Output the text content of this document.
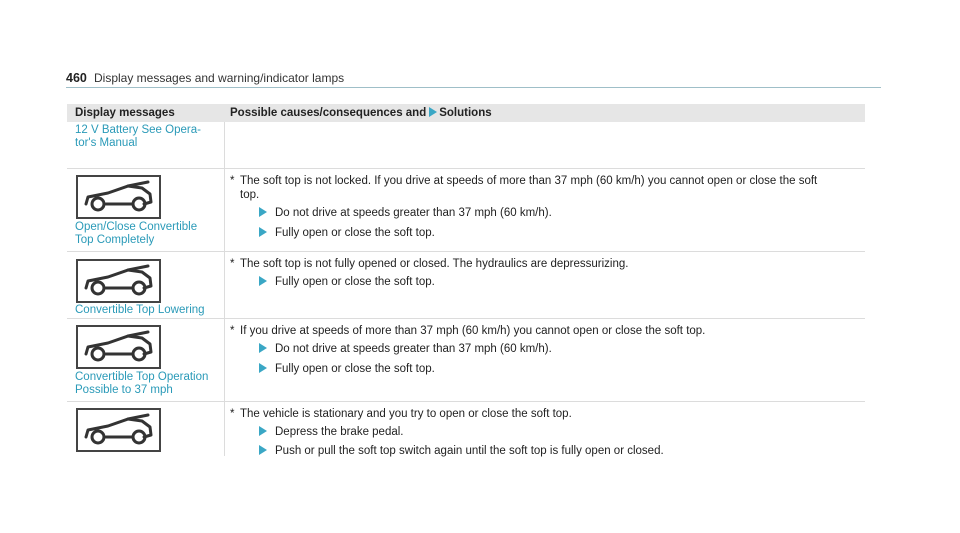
460 Display messages and warning/indicator lamps
Display messages	Possible causes/consequences and Solutions
12 V Battery See Opera-
tor's Manual
Open/Close Convertible
Top Completely
* The soft top is not locked. If you drive at speeds of more than 37 mph (60 km/h) you cannot open or close the soft
top.
Do not drive at speeds greater than 37 mph (60 km/h).
Fully open or close the soft top.
Convertible Top Lowering
* The soft top is not fully opened or closed. The hydraulics are depressurizing.
Fully open or close the soft top.
Convertible Top Operation
Possible to 37 mph
* If you drive at speeds of more than 37 mph (60 km/h) you cannot open or close the soft top.
Do not drive at speeds greater than 37 mph (60 km/h).
Fully open or close the soft top.
* The vehicle is stationary and you try to open or close the soft top.
Depress the brake pedal.
Push or pull the soft top switch again until the soft top is fully open or closed.
